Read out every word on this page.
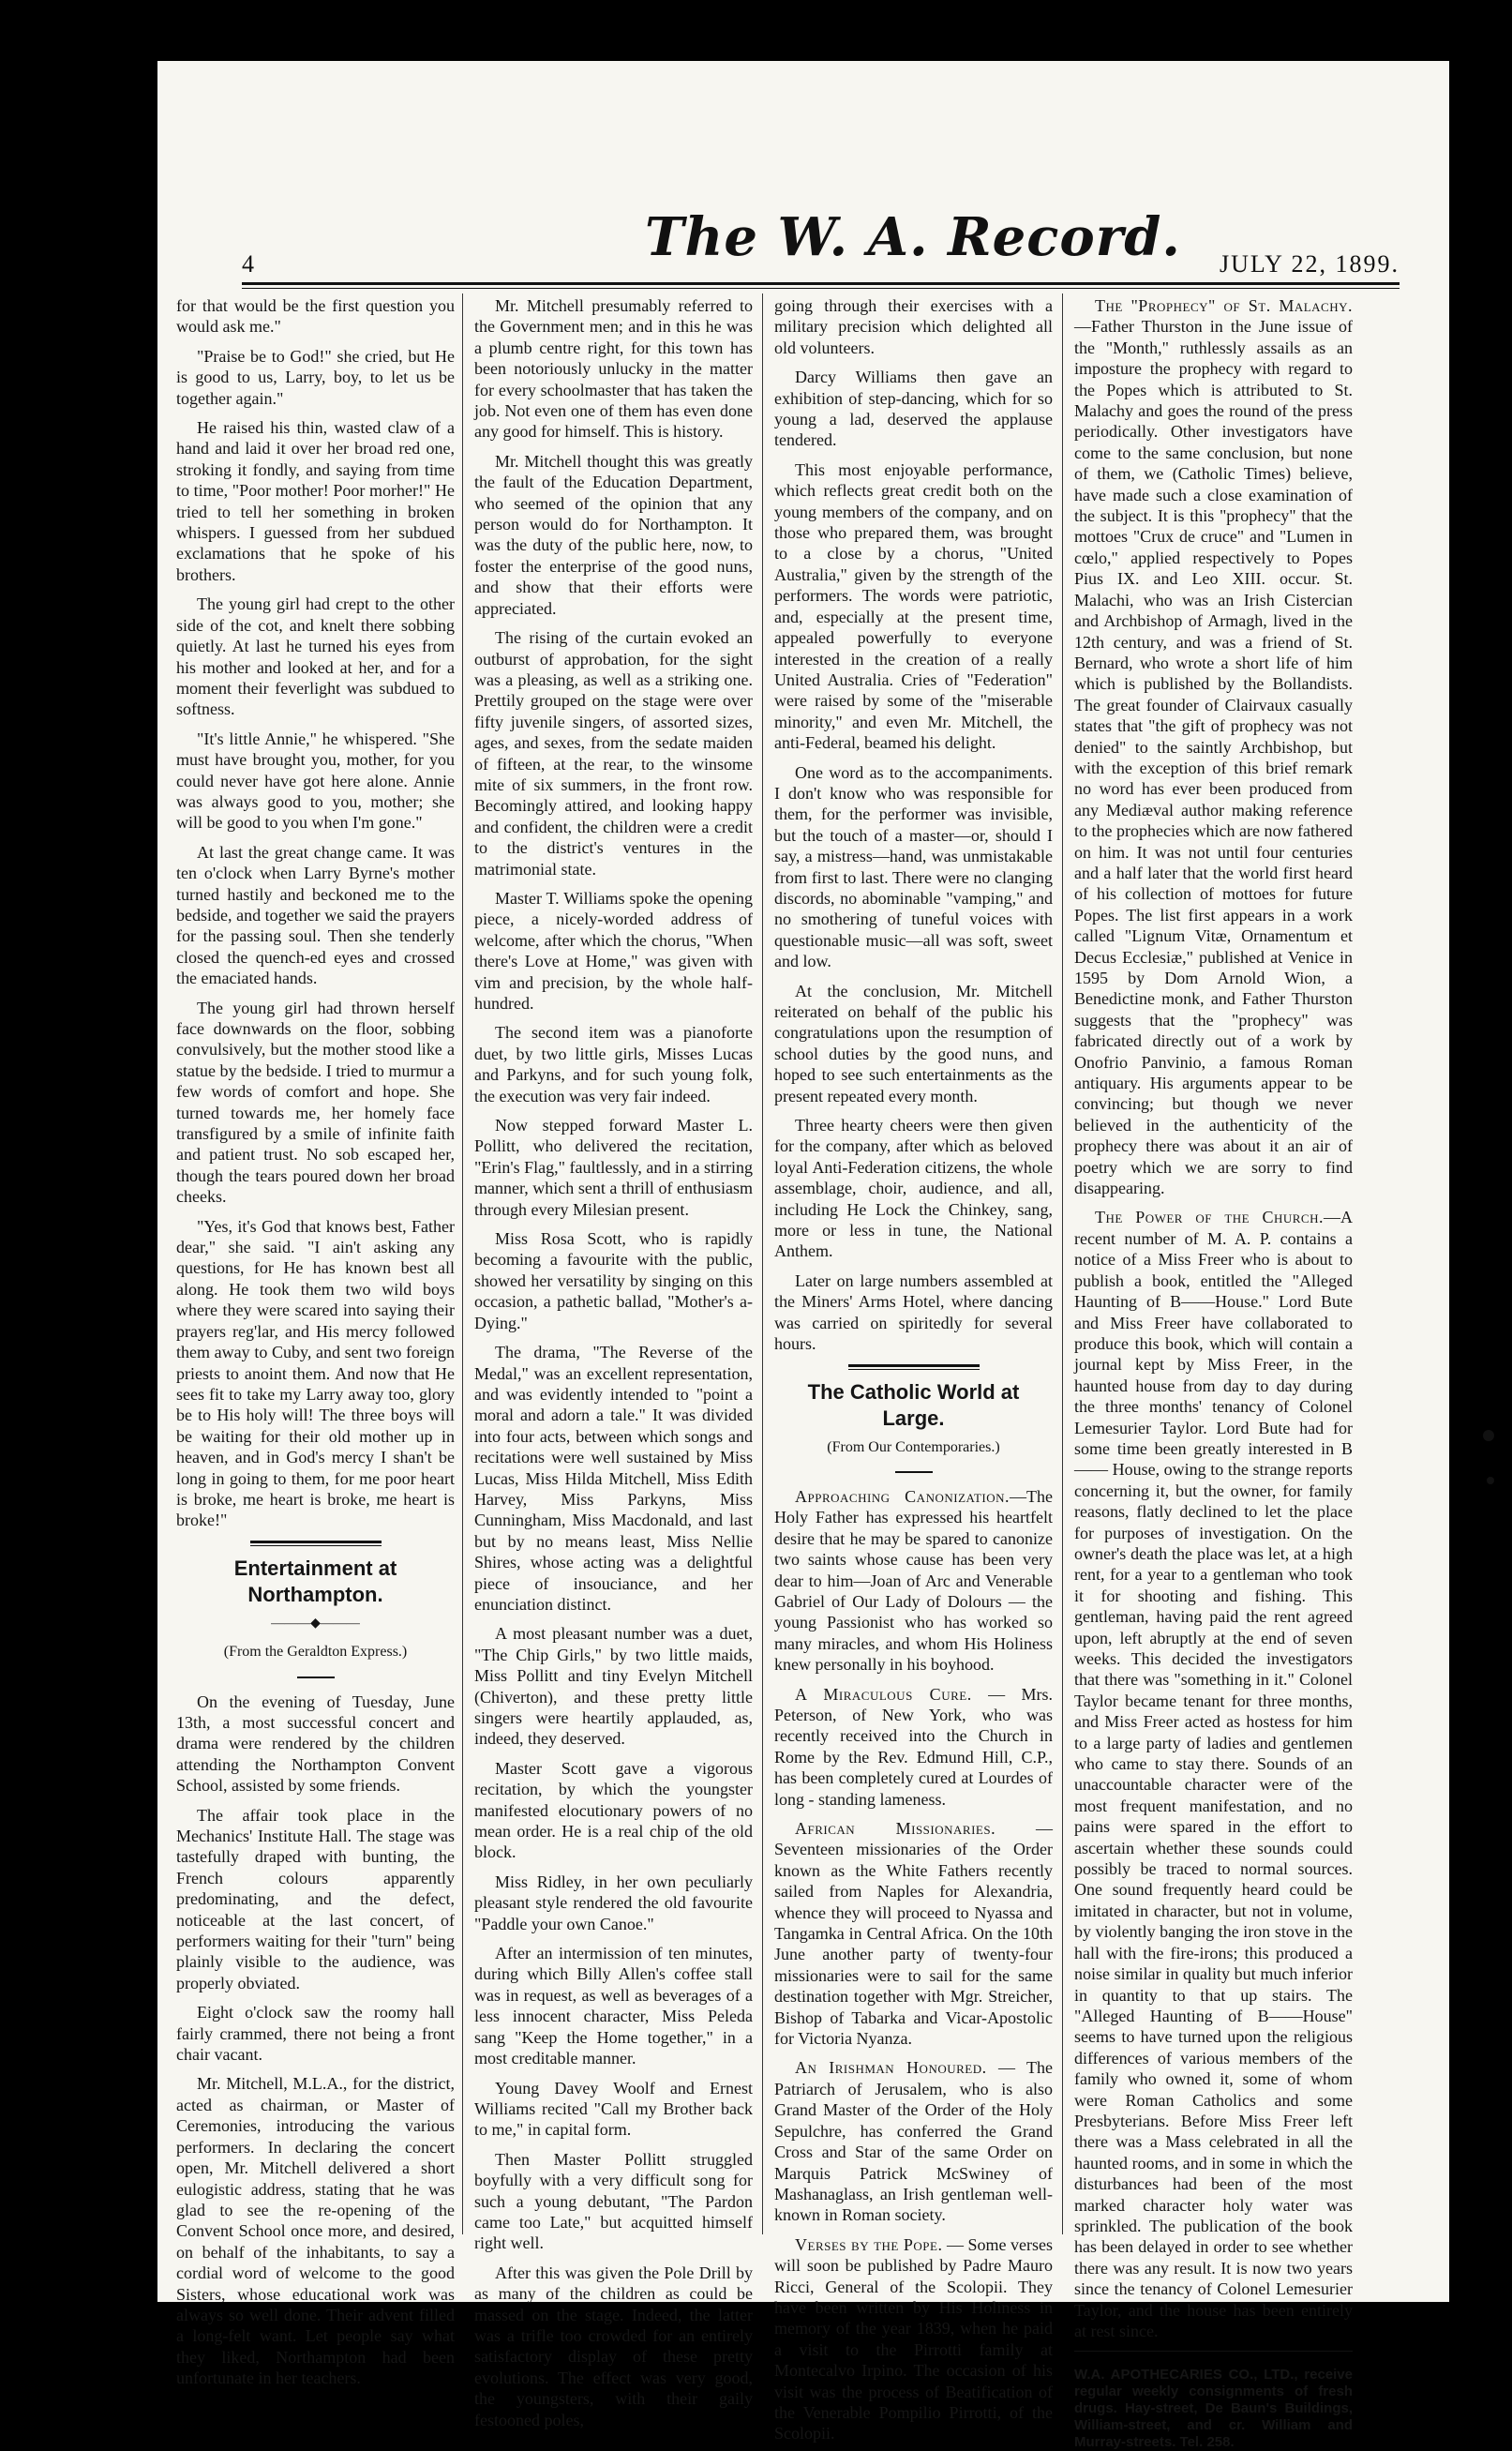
4	The W. A. Record. JULY 22, 1899.

for that would be the first question you would ask me."

"Praise be to God!" she cried, but He is good to us, Larry, boy, to let us be together again."

He raised his thin, wasted claw of a hand and laid it over her broad red one, stroking it fondly, and saying from time to time, "Poor mother! Poor morher!" He tried to tell her something in broken whispers. I guessed from her subdued exclamations that he spoke of his brothers.

The young girl had crept to the other side of the cot, and knelt there sobbing quietly. At last he turned his eyes from his mother and looked at her, and for a moment their feverlight was subdued to softness.

"It's little Annie," he whispered. "She must have brought you, mother, for you could never have got here alone. Annie was always good to you, mother; she will be good to you when I'm gone."

At last the great change came. It was ten o'clock when Larry Byrne's mother turned hastily and beckoned me to the bedside, and together we said the prayers for the passing soul. Then she tenderly closed the quench-ed eyes and crossed the emaciated hands.

The young girl had thrown herself face downwards on the floor, sobbing convulsively, but the mother stood like a statue by the bedside. I tried to murmur a few words of comfort and hope. She turned towards me, her homely face transfigured by a smile of infinite faith and patient trust. No sob escaped her, though the tears poured down her broad cheeks.

"Yes, it's God that knows best, Father dear," she said. "I ain't asking any questions, for He has known best all along. He took them two wild boys where they were scared into saying their prayers reg'lar, and His mercy followed them away to Cuby, and sent two foreign priests to anoint them. And now that He sees fit to take my Larry away too, glory be to His holy will! The three boys will be waiting for their old mother up in heaven, and in God's mercy I shan't be long in going to them, for me poor heart is broke, me heart is broke, me heart is broke!"

Entertainment at Northampton.
―――◆―――

(From the Geraldton Express.)

On the evening of Tuesday, June 13th, a most successful concert and drama were rendered by the children attending the Northampton Convent School, assisted by some friends.

The affair took place in the Mechanics' Institute Hall. The stage was tastefully draped with bunting, the French colours apparently predominating, and the defect, noticeable at the last concert, of performers waiting for their "turn" being plainly visible to the audience, was properly obviated.

Eight o'clock saw the roomy hall fairly crammed, there not being a front chair vacant.

Mr. Mitchell, M.L.A., for the district, acted as chairman, or Master of Ceremonies, introducing the various performers. In declaring the concert open, Mr. Mitchell delivered a short eulogistic address, stating that he was glad to see the re-opening of the Convent School once more, and desired, on behalf of the inhabitants, to say a cordial word of welcome to the good Sisters, whose educational work was always so well done. Their advent filled a long-felt want. Let people say what they liked, Northampton had been unfortunate in her teachers.

Mr. Mitchell presumably referred to the Government men; and in this he was a plumb centre right, for this town has been notoriously unlucky in the matter for every schoolmaster that has taken the job. Not even one of them has even done any good for himself. This is history.

Mr. Mitchell thought this was greatly the fault of the Education Department, who seemed of the opinion that any person would do for Northampton. It was the duty of the public here, now, to foster the enterprise of the good nuns, and show that their efforts were appreciated.

The rising of the curtain evoked an outburst of approbation, for the sight was a pleasing, as well as a striking one. Prettily grouped on the stage were over fifty juvenile singers, of assorted sizes, ages, and sexes, from the sedate maiden of fifteen, at the rear, to the winsome mite of six summers, in the front row. Becomingly attired, and looking happy and confident, the children were a credit to the district's ventures in the matrimonial state.

Master T. Williams spoke the opening piece, a nicely-worded address of welcome, after which the chorus, "When there's Love at Home," was given with vim and precision, by the whole half-hundred.

The second item was a pianoforte duet, by two little girls, Misses Lucas and Parkyns, and for such young folk, the execution was very fair indeed.

Now stepped forward Master L. Pollitt, who delivered the recitation, "Erin's Flag," faultlessly, and in a stirring manner, which sent a thrill of enthusiasm through every Milesian present.

Miss Rosa Scott, who is rapidly becoming a favourite with the public, showed her versatility by singing on this occasion, a pathetic ballad, "Mother's a-Dying."

The drama, "The Reverse of the Medal," was an excellent representation, and was evidently intended to "point a moral and adorn a tale." It was divided into four acts, between which songs and recitations were well sustained by Miss Lucas, Miss Hilda Mitchell, Miss Edith Harvey, Miss Parkyns, Miss Cunningham, Miss Macdonald, and last but by no means least, Miss Nellie Shires, whose acting was a delightful piece of insouciance, and her enunciation distinct.

A most pleasant number was a duet, "The Chip Girls," by two little maids, Miss Pollitt and tiny Evelyn Mitchell (Chiverton), and these pretty little singers were heartily applauded, as, indeed, they deserved.

Master Scott gave a vigorous recitation, by which the youngster manifested elocutionary powers of no mean order. He is a real chip of the old block.

Miss Ridley, in her own peculiarly pleasant style rendered the old favourite "Paddle your own Canoe."

After an intermission of ten minutes, during which Billy Allen's coffee stall was in request, as well as beverages of a less innocent character, Miss Peleda sang "Keep the Home together," in a most creditable manner.

Young Davey Woolf and Ernest Williams recited "Call my Brother back to me," in capital form.

Then Master Pollitt struggled boyfully with a very difficult song for such a young debutant, "The Pardon came too Late," but acquitted himself right well.

After this was given the Pole Drill by as many of the children as could be massed on the stage. Indeed, the latter was a trifle too crowded for an entirely satisfactory display of these pretty evolutions. The effect was very good, the youngsters, with their gaily festooned poles,

going through their exercises with a military precision which delighted all old volunteers.

Darcy Williams then gave an exhibition of step-dancing, which for so young a lad, deserved the applause tendered.

This most enjoyable performance, which reflects great credit both on the young members of the company, and on those who prepared them, was brought to a close by a chorus, "United Australia," given by the strength of the performers. The words were patriotic, and, especially at the present time, appealed powerfully to everyone interested in the creation of a really United Australia. Cries of "Federation" were raised by some of the "miserable minority," and even Mr. Mitchell, the anti-Federal, beamed his delight.

One word as to the accompaniments. I don't know who was responsible for them, for the performer was invisible, but the touch of a master—or, should I say, a mistress—hand, was unmistakable from first to last. There were no clanging discords, no abominable "vamping," and no smothering of tuneful voices with questionable music—all was soft, sweet and low.

At the conclusion, Mr. Mitchell reiterated on behalf of the public his congratulations upon the resumption of school duties by the good nuns, and hoped to see such entertainments as the present repeated every month.

Three hearty cheers were then given for the company, after which as beloved loyal Anti-Federation citizens, the whole assemblage, choir, audience, and all, including He Lock the Chinkey, sang, more or less in tune, the National Anthem.

Later on large numbers assembled at the Miners' Arms Hotel, where dancing was carried on spiritedly for several hours.

The Catholic World at Large.

(From Our Contemporaries.)

Approaching Canonization.—The Holy Father has expressed his heartfelt desire that he may be spared to canonize two saints whose cause has been very dear to him—Joan of Arc and Venerable Gabriel of Our Lady of Dolours — the young Passionist who has worked so many miracles, and whom His Holiness knew personally in his boyhood.

A Miraculous Cure. — Mrs. Peterson, of New York, who was recently received into the Church in Rome by the Rev. Edmund Hill, C.P., has been completely cured at Lourdes of long - standing lameness.

African Missionaries. — Seventeen missionaries of the Order known as the White Fathers recently sailed from Naples for Alexandria, whence they will proceed to Nyassa and Tangamka in Central Africa. On the 10th June another party of twenty-four missionaries were to sail for the same destination together with Mgr. Streicher, Bishop of Tabarka and Vicar-Apostolic for Victoria Nyanza.

An Irishman Honoured. — The Patriarch of Jerusalem, who is also Grand Master of the Order of the Holy Sepulchre, has conferred the Grand Cross and Star of the same Order on Marquis Patrick McSwiney of Mashanaglass, an Irish gentleman well-known in Roman society.

Verses by the Pope. — Some verses will soon be published by Padre Mauro Ricci, General of the Scolopii. They have been written by His Holiness in memory of the year 1839, when he paid a visit to the Pirrotti family at Montecalvo Irpino. The occasion of his visit was the process of Beatification of the Venerable Pompilio Pirrotti, of the Scolopii.

The "Prophecy" of St. Malachy.—Father Thurston in the June issue of the "Month," ruthlessly assails as an imposture the prophecy with regard to the Popes which is attributed to St. Malachy and goes the round of the press periodically. Other investigators have come to the same conclusion, but none of them, we (Catholic Times) believe, have made such a close examination of the subject. It is this "prophecy" that the mottoes "Crux de cruce" and "Lumen in cœlo," applied respectively to Popes Pius IX. and Leo XIII. occur. St. Malachi, who was an Irish Cistercian and Archbishop of Armagh, lived in the 12th century, and was a friend of St. Bernard, who wrote a short life of him which is published by the Bollandists. The great founder of Clairvaux casually states that "the gift of prophecy was not denied" to the saintly Archbishop, but with the exception of this brief remark no word has ever been produced from any Mediæval author making reference to the prophecies which are now fathered on him. It was not until four centuries and a half later that the world first heard of his collection of mottoes for future Popes. The list first appears in a work called "Lignum Vitæ, Ornamentum et Decus Ecclesiæ," published at Venice in 1595 by Dom Arnold Wion, a Benedictine monk, and Father Thurston suggests that the "prophecy" was fabricated directly out of a work by Onofrio Panvinio, a famous Roman antiquary. His arguments appear to be convincing; but though we never believed in the authenticity of the prophecy there was about it an air of poetry which we are sorry to find disappearing.

The Power of the Church.—A recent number of M. A. P. contains a notice of a Miss Freer who is about to publish a book, entitled the "Alleged Haunting of B——House." Lord Bute and Miss Freer have collaborated to produce this book, which will contain a journal kept by Miss Freer, in the haunted house from day to day during the three months' tenancy of Colonel Lemesurier Taylor. Lord Bute had for some time been greatly interested in B—— House, owing to the strange reports concerning it, but the owner, for family reasons, flatly declined to let the place for purposes of investigation. On the owner's death the place was let, at a high rent, for a year to a gentleman who took it for shooting and fishing. This gentleman, having paid the rent agreed upon, left abruptly at the end of seven weeks. This decided the investigators that there was "something in it." Colonel Taylor became tenant for three months, and Miss Freer acted as hostess for him to a large party of ladies and gentlemen who came to stay there. Sounds of an unaccountable character were of the most frequent manifestation, and no pains were spared in the effort to ascertain whether these sounds could possibly be traced to normal sources. One sound frequently heard could be imitated in character, but not in volume, by violently banging the iron stove in the hall with the fire-irons; this produced a noise similar in quality but much inferior in quantity to that up stairs. The "Alleged Haunting of B——House" seems to have turned upon the religious differences of various members of the family who owned it, some of whom were Roman Catholics and some Presbyterians. Before Miss Freer left there was a Mass celebrated in all the haunted rooms, and in some in which the disturbances had been of the most marked character holy water was sprinkled. The publication of the book has been delayed in order to see whether there was any result. It is now two years since the tenancy of Colonel Lemesurier Taylor, and the house has been entirely at rest since.

W.A. APOTHECARIES CO., LTD., receive regular weekly consignments of fresh drugs. Hay-street, De Baun's Buildings, William-street, and cr. William and Murray-streets. Tel. 258.
